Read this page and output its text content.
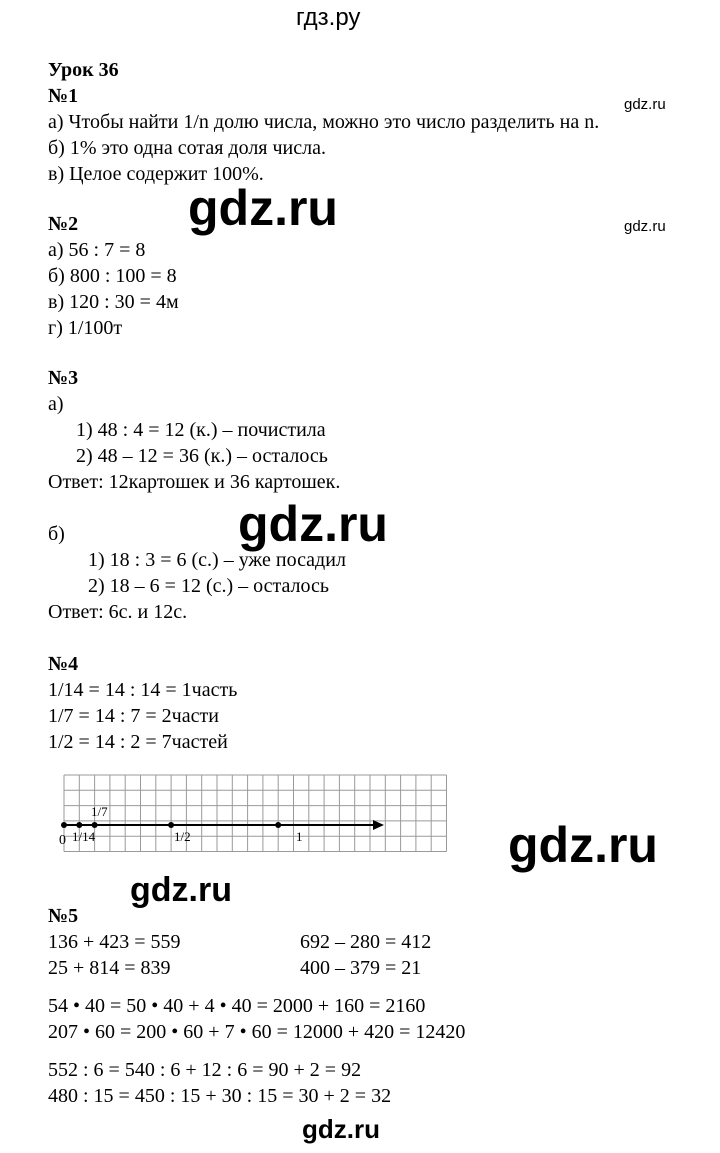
гдз.ру
Урок 36
№1
а) Чтобы найти 1/n долю числа, можно это число разделить на n.
б) 1% это одна сотая доля числа.
в) Целое содержит 100%.
№2
а) 56 : 7 = 8
б) 800 : 100 = 8
в) 120 : 30 = 4м
г) 1/100т
№3
а)
1) 48 : 4 = 12 (к.) – почистила
2) 48 – 12 = 36 (к.) – осталось
Ответ: 12картошек и 36 картошек.
б)
1) 18 : 3 = 6 (с.) – уже посадил
2) 18 – 6 = 12 (с.) – осталось
Ответ: 6с. и 12с.
№4
1/14 = 14 : 14 = 1часть
1/7 = 14 : 7 = 2части
1/2 = 14 : 2 = 7частей
0 1/14
1/7
1/2	1
№5
136 + 423 = 559	692 – 280 = 412
25 + 814 = 839	400 – 379 = 21
54 • 40 = 50 • 40 + 4 • 40 = 2000 + 160 = 2160
207 • 60 = 200 • 60 + 7 • 60 = 12000 + 420 = 12420
552 : 6 = 540 : 6 + 12 : 6 = 90 + 2 = 92
480 : 15 = 450 : 15 + 30 : 15 = 30 + 2 = 32
gdz.ru
gdz.ru	gdz.ru
gdz.ru
gdz.ru
gdz.ru
gdz.ru
